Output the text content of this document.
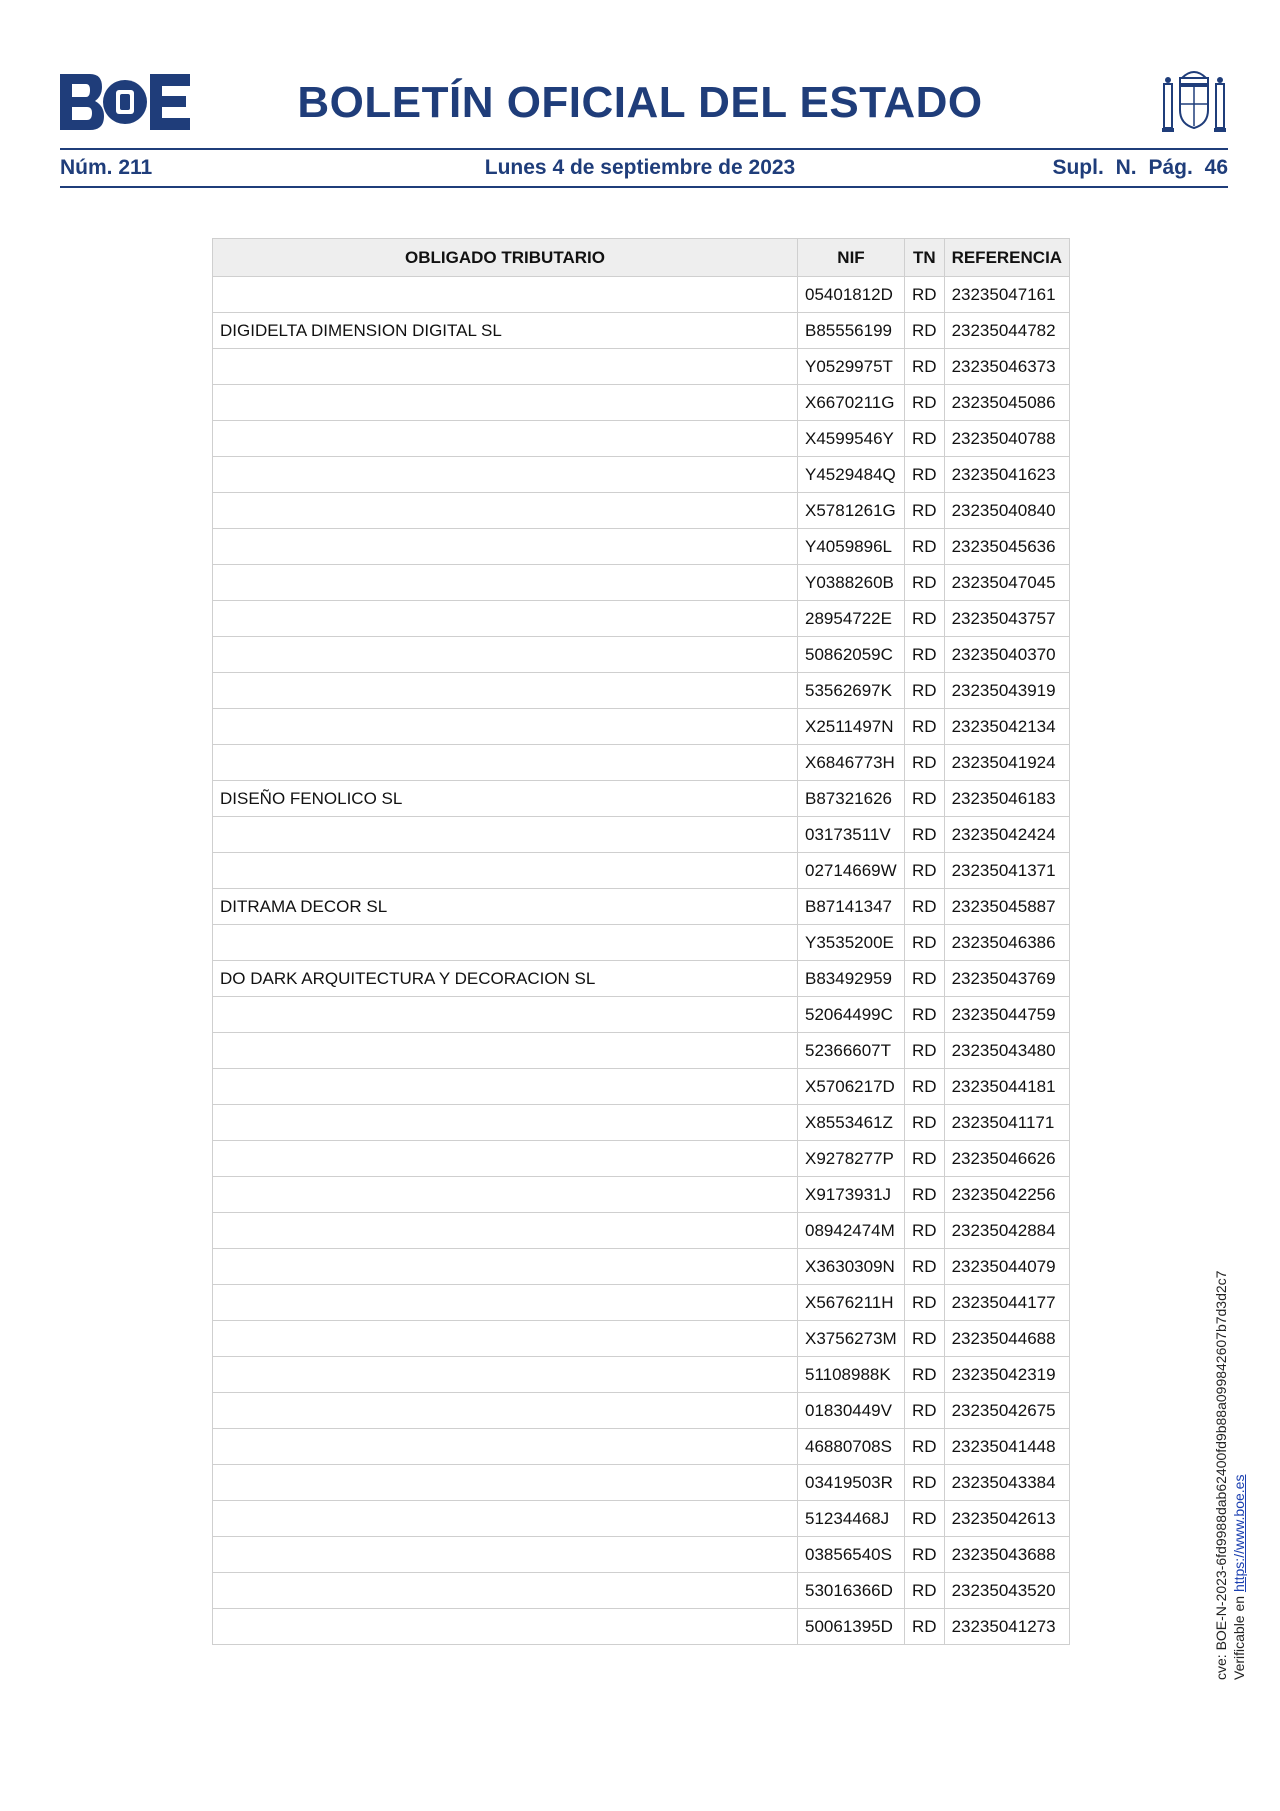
BOLETÍN OFICIAL DEL ESTADO
Núm. 211	Lunes 4 de septiembre de 2023	Supl. N. Pág. 46
OBLIGADO TRIBUTARIO	NIF	TN	REFERENCIA
	05401812D	RD	23235047161
DIGIDELTA DIMENSION DIGITAL SL	B85556199	RD	23235044782
	Y0529975T	RD	23235046373
	X6670211G	RD	23235045086
	X4599546Y	RD	23235040788
	Y4529484Q	RD	23235041623
	X5781261G	RD	23235040840
	Y4059896L	RD	23235045636
	Y0388260B	RD	23235047045
	28954722E	RD	23235043757
	50862059C	RD	23235040370
	53562697K	RD	23235043919
	X2511497N	RD	23235042134
	X6846773H	RD	23235041924
DISEÑO FENOLICO SL	B87321626	RD	23235046183
	03173511V	RD	23235042424
	02714669W	RD	23235041371
DITRAMA DECOR SL	B87141347	RD	23235045887
	Y3535200E	RD	23235046386
DO DARK ARQUITECTURA Y DECORACION SL	B83492959	RD	23235043769
	52064499C	RD	23235044759
	52366607T	RD	23235043480
	X5706217D	RD	23235044181
	X8553461Z	RD	23235041171
	X9278277P	RD	23235046626
	X9173931J	RD	23235042256
	08942474M	RD	23235042884
	X3630309N	RD	23235044079
	X5676211H	RD	23235044177
	X3756273M	RD	23235044688
	51108988K	RD	23235042319
	01830449V	RD	23235042675
	46880708S	RD	23235041448
	03419503R	RD	23235043384
	51234468J	RD	23235042613
	03856540S	RD	23235043688
	53016366D	RD	23235043520
	50061395D	RD	23235041273	cve: BOE-N-2023-6fd9988dab62400fd9b88a099842607b7d3d2c7 Verificable en https://www.boe.es
